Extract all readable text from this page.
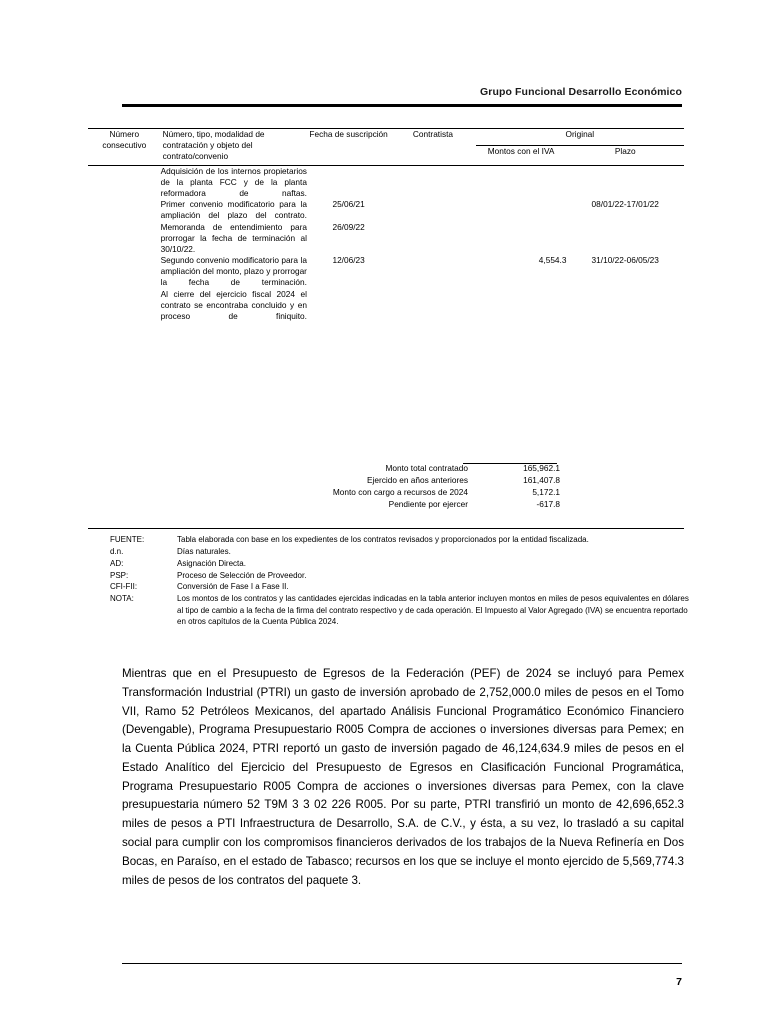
Grupo Funcional Desarrollo Económico
Número consecutivo	Número, tipo, modalidad de contratación y objeto del contrato/convenio	Fecha de suscripción	Contratista	Original	
				Montos con el IVA	Plazo

	Adquisición de los internos propietarios de la planta FCC y de la planta reformadora de naftas.				

	Primer convenio modificatorio para la ampliación del plazo del contrato.	25/06/21			08/01/22-17/01/22

	Memoranda de entendimiento para prorrogar la fecha de terminación al 30/10/22.	26/09/22			

	Segundo convenio modificatorio para la ampliación del monto, plazo y prorrogar la fecha de terminación.	12/06/23		4,554.3	31/10/22-06/05/23

	Al cierre del ejercicio fiscal 2024 el contrato se encontraba concluido y en proceso de finiquito.				

Monto total contratado	165,962.1	
Ejercido en años anteriores	161,407.8	
Monto con cargo a recursos de 2024	5,172.1	
Pendiente por ejercer	-617.8	
FUENTE:	Tabla elaborada con base en los expedientes de los contratos revisados y proporcionados por la entidad fiscalizada.
d.n.	Días naturales.
AD:	Asignación Directa.
PSP:	Proceso de Selección de Proveedor.
CFI-FII:	Conversión de Fase I a Fase II.
NOTA:	Los montos de los contratos y las cantidades ejercidas indicadas en la tabla anterior incluyen montos en miles de pesos equivalentes en dólares al tipo de cambio a la fecha de la firma del contrato respectivo y de cada operación. El Impuesto al Valor Agregado (IVA) se encuentra reportado en otros capítulos de la Cuenta Pública 2024.
Mientras que en el Presupuesto de Egresos de la Federación (PEF) de 2024 se incluyó para Pemex Transformación Industrial (PTRI) un gasto de inversión aprobado de 2,752,000.0 miles de pesos en el Tomo VII, Ramo 52 Petróleos Mexicanos, del apartado Análisis Funcional Programático Económico Financiero (Devengable), Programa Presupuestario R005 Compra de acciones o inversiones diversas para Pemex; en la Cuenta Pública 2024, PTRI reportó un gasto de inversión pagado de 46,124,634.9 miles de pesos en el Estado Analítico del Ejercicio del Presupuesto de Egresos en Clasificación Funcional Programática, Programa Presupuestario R005 Compra de acciones o inversiones diversas para Pemex, con la clave presupuestaria número 52 T9M 3 3 02 226 R005. Por su parte, PTRI transfirió un monto de 42,696,652.3 miles de pesos a PTI Infraestructura de Desarrollo, S.A. de C.V., y ésta, a su vez, lo trasladó a su capital social para cumplir con los compromisos financieros derivados de los trabajos de la Nueva Refinería en Dos Bocas, en Paraíso, en el estado de Tabasco; recursos en los que se incluye el monto ejercido de 5,569,774.3 miles de pesos de los contratos del paquete 3.
7
